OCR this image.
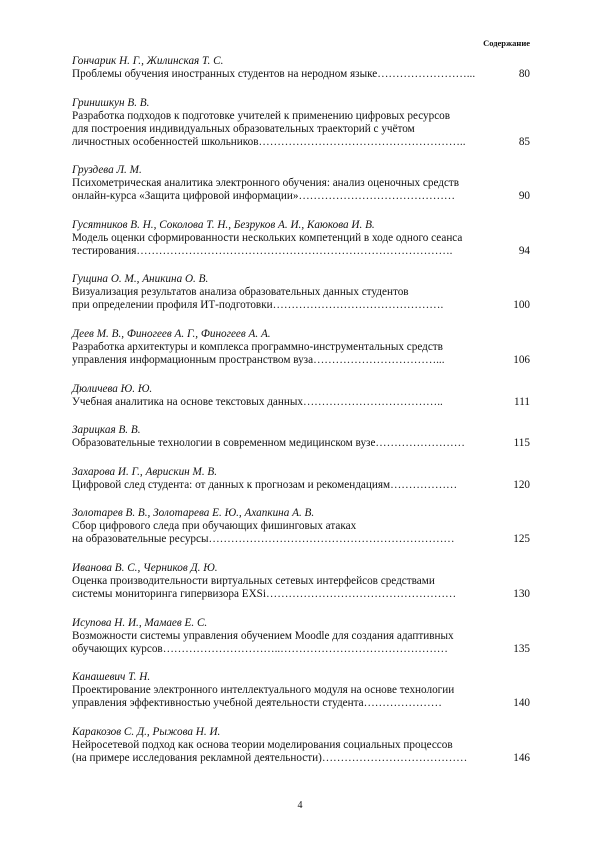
Содержание
Гончарик Н. Г., Жилинская Т. С.
Проблемы обучения иностранных студентов на неродном языке……………………...	80
Гринишкун В. В.
Разработка подходов к подготовке учителей к применению цифровых ресурсов
для построения индивидуальных образовательных траекторий с учётом
личностных особенностей школьников………………………………………………..	85
Груздева Л. М.
Психометрическая аналитика электронного обучения: анализ оценочных средств
онлайн-курса «Защита цифровой информации»……………………………………	90
Гусятников В. Н., Соколова Т. Н., Безруков А. И., Каюкова И. В.
Модель оценки сформированности нескольких компетенций в ходе одного сеанса
тестирования………………………………………………………………………….	94
Гущина О. М., Аникина О. В.
Визуализация результатов анализа образовательных данных студентов
при определении профиля ИТ-подготовки……………………………………….	100
Деев М. В., Финогеев А. Г., Финогеев А. А.
Разработка архитектуры и комплекса программно-инструментальных средств
управления информационным пространством вуза……………………………...	106
Дюличева Ю. Ю.
Учебная аналитика на основе текстовых данных………………………………..	111
Зарицкая В. В.
Образовательные технологии в современном медицинском вузе……………………	115
Захарова И. Г., Аврискин М. В.
Цифровой след студента: от данных к прогнозам и рекомендациям………………	120
Золотарев В. В., Золотарева Е. Ю., Ахапкина А. В.
Сбор цифрового следа при обучающих фишинговых атаках
на образовательные ресурсы…………………………………………………………	125
Иванова В. С., Черников Д. Ю.
Оценка производительности виртуальных сетевых интерфейсов средствами
системы мониторинга гипервизора EXSi……………………………………………	130
Исупова Н. И., Мамаев Е. С.
Возможности системы управления обучением Moodle для создания адаптивных
обучающих курсов…………………………..………………………………………	135
Канашевич Т. Н.
Проектирование электронного интеллектуального модуля на основе технологии
управления эффективностью учебной деятельности студента…………………	140
Каракозов С. Д., Рыжова Н. И.
Нейросетевой подход как основа теории моделирования социальных процессов
(на примере исследования рекламной деятельности)…………………………………	146
4
